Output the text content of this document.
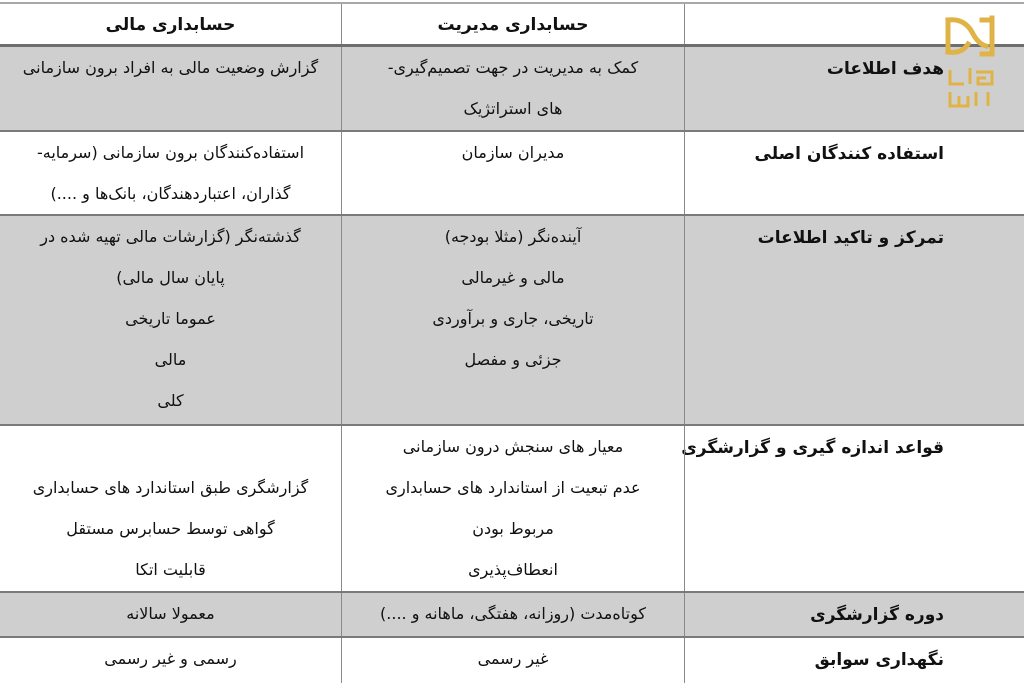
حسابداری مدیریت
حسابداری مالی
هدف اطلاعات
کمک به مدیریت در جهت تصمیم‌گیری-
های استراتژیک
گزارش وضعیت مالی به افراد برون سازمانی
استفاده کنندگان اصلی
مدیران سازمان
استفاده‌کنندگان برون سازمانی (سرمایه-
گذاران، اعتباردهندگان، بانک‌ها و ....)
تمرکز و تاکید اطلاعات
آینده‌نگر (مثلا بودجه)
مالی و غیرمالی
تاریخی، جاری و برآوردی
جزئی و مفصل
گذشته‌نگر (گزارشات مالی تهیه شده در
پایان سال مالی)
عموما تاریخی
مالی
کلی
قواعد اندازه گیری و گزارشگری
معیار های سنجش درون سازمانی
عدم تبعیت از استاندارد های حسابداری
مربوط بودن
انعطاف‌پذیری
گزارشگری طبق استاندارد های حسابداری
گواهی توسط حسابرس مستقل
قابلیت اتکا
دوره گزارشگری
کوتاه‌مدت (روزانه، هفتگی، ماهانه و ....)
معمولا سالانه
نگهداری سوابق
غیر رسمی
رسمی و غیر رسمی
